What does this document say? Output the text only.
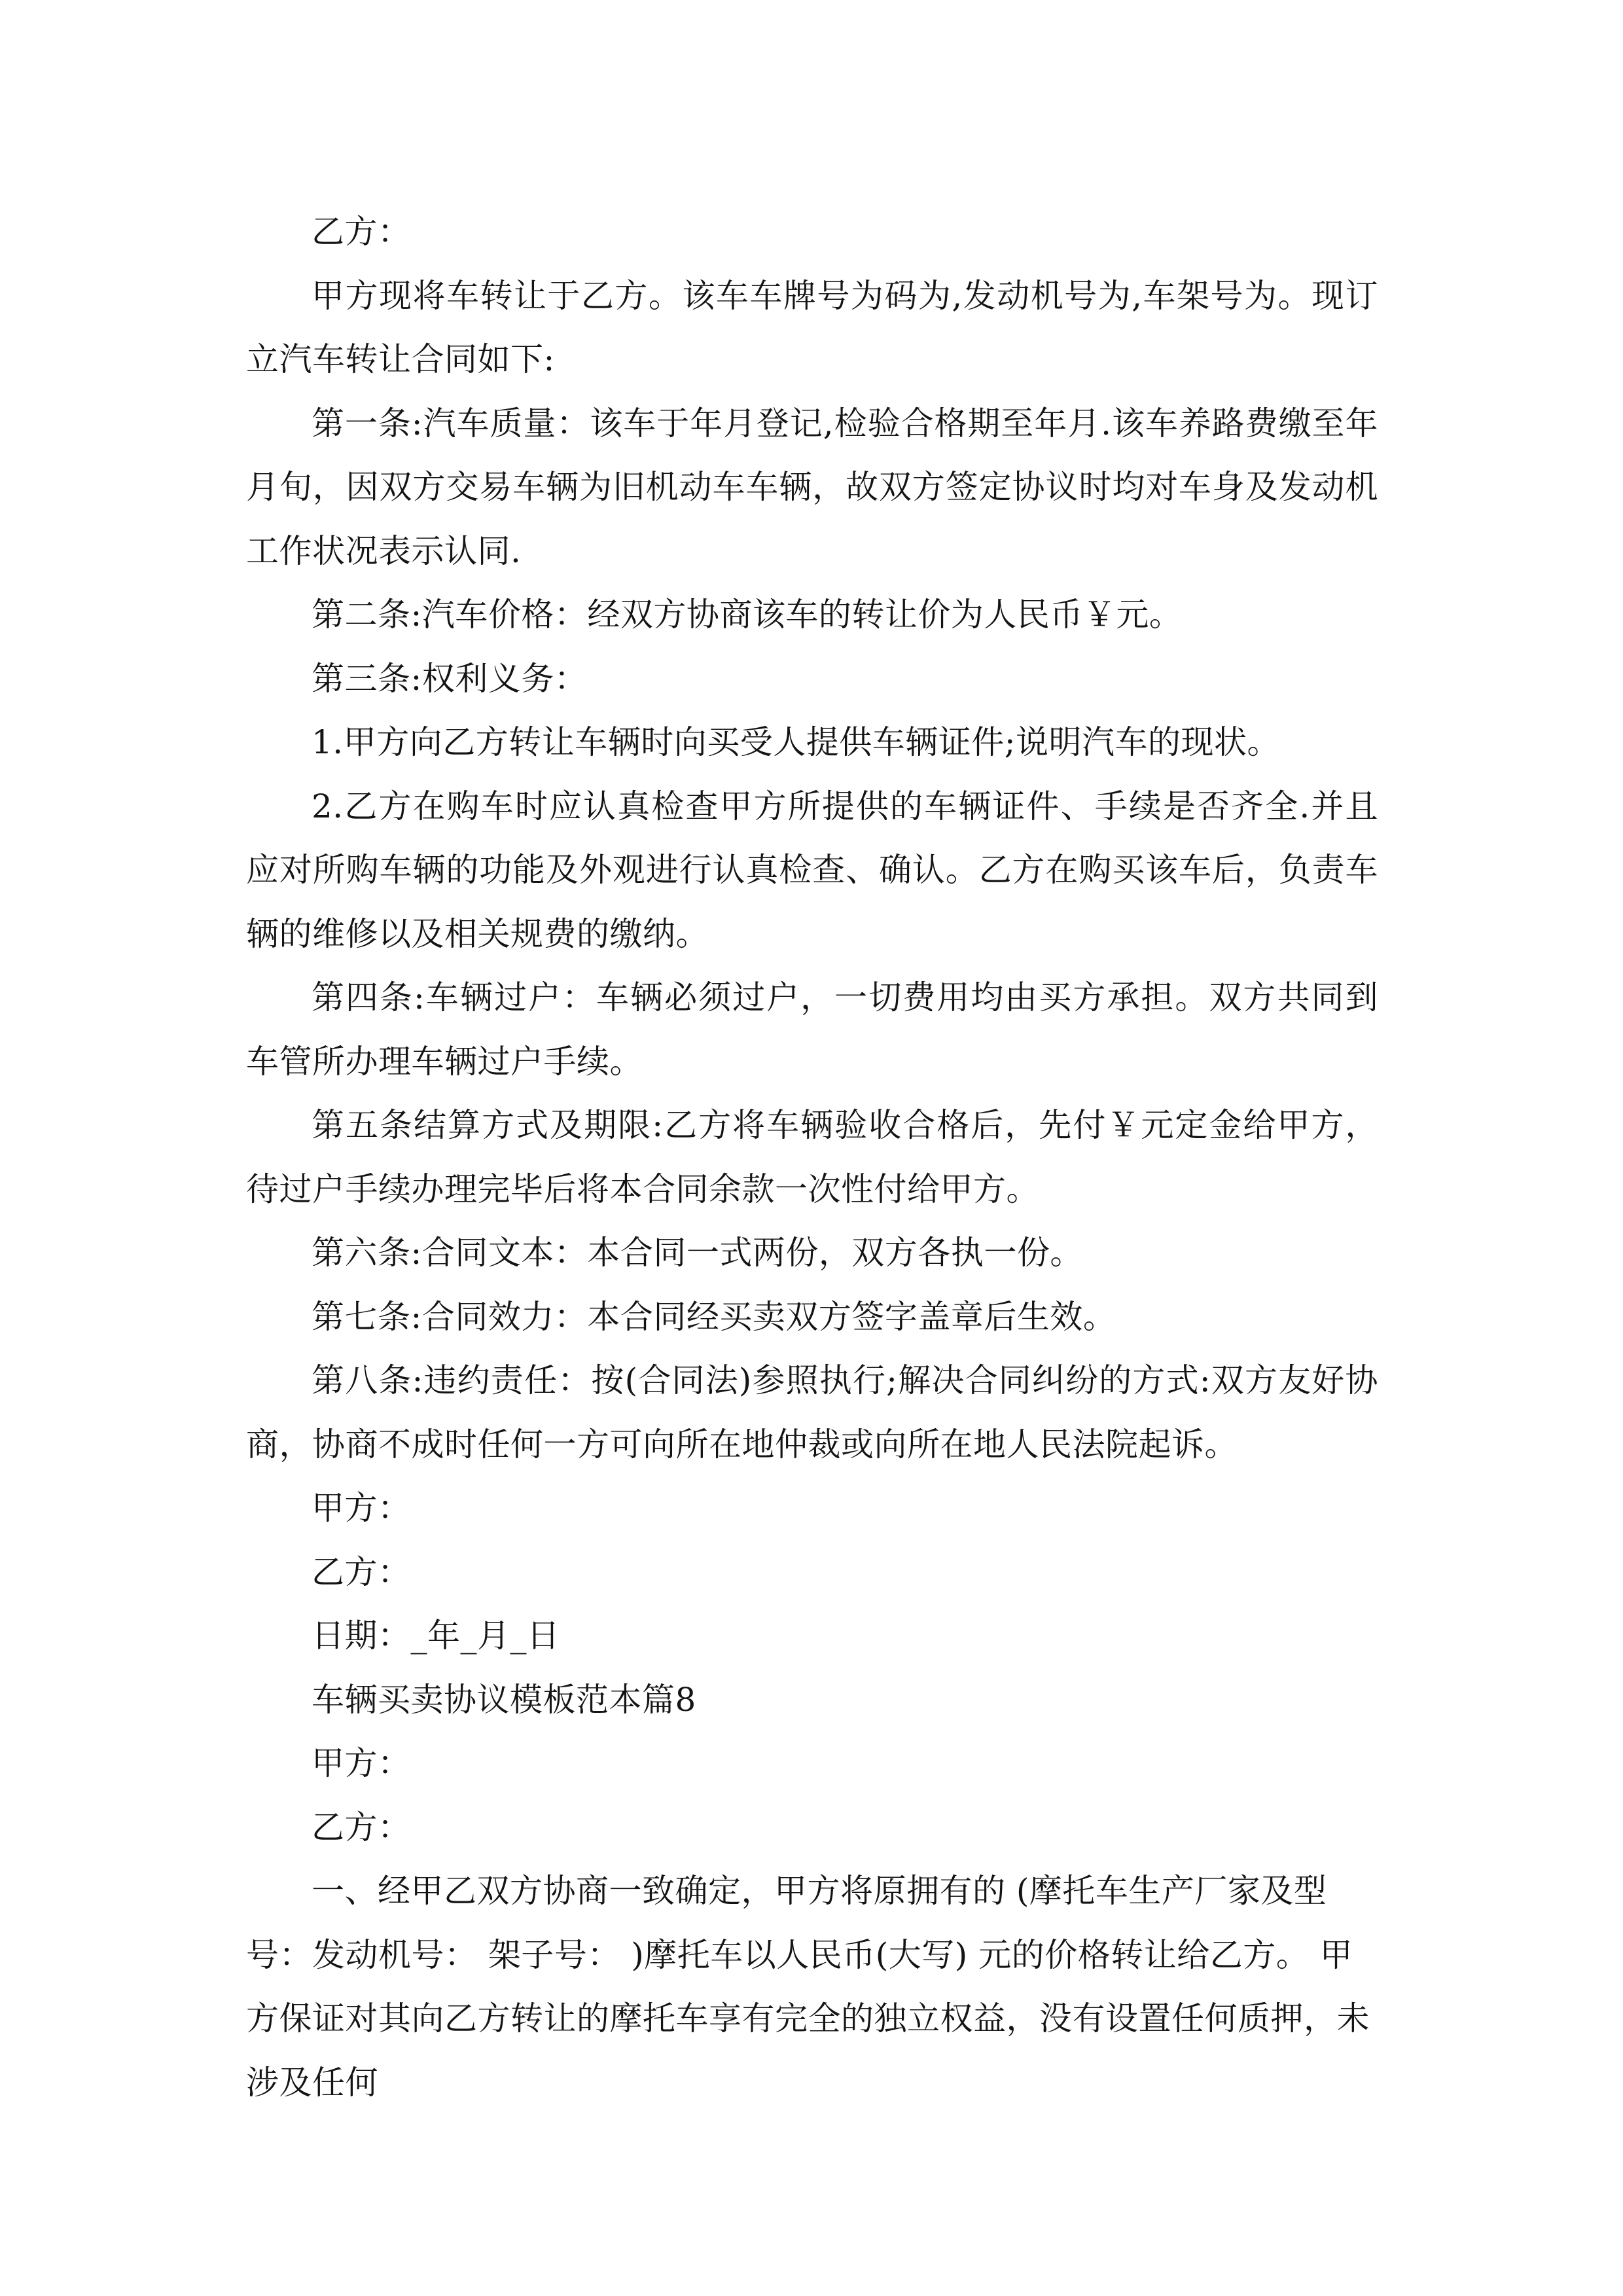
乙方：

甲方现将车转让于乙方。该车车牌号为码为,发动机号为,车架号为。现订立汽车转让合同如下:

第一条:汽车质量：该车于年月登记,检验合格期至年月.该车养路费缴至年月旬，因双方交易车辆为旧机动车车辆，故双方签定协议时均对车身及发动机工作状况表示认同.

第二条:汽车价格：经双方协商该车的转让价为人民币￥元。

第三条:权利义务：

1.甲方向乙方转让车辆时向买受人提供车辆证件;说明汽车的现状。

2.乙方在购车时应认真检查甲方所提供的车辆证件、手续是否齐全.并且应对所购车辆的功能及外观进行认真检查、确认。乙方在购买该车后，负责车辆的维修以及相关规费的缴纳。

第四条:车辆过户：车辆必须过户，一切费用均由买方承担。双方共同到车管所办理车辆过户手续。

第五条结算方式及期限:乙方将车辆验收合格后，先付￥元定金给甲方，待过户手续办理完毕后将本合同余款一次性付给甲方。

第六条:合同文本：本合同一式两份，双方各执一份。

第七条:合同效力：本合同经买卖双方签字盖章后生效。

第八条:违约责任：按(合同法)参照执行;解决合同纠纷的方式:双方友好协商，协商不成时任何一方可向所在地仲裁或向所在地人民法院起诉。

甲方：

乙方：

日期：_年_月_日

车辆买卖协议模板范本篇8

甲方：

乙方：

一、经甲乙双方协商一致确定，甲方将原拥有的 (摩托车生产厂家及型号：发动机号： 架子号： )摩托车以人民币(大写) 元的价格转让给乙方。 甲方保证对其向乙方转让的摩托车享有完全的独立权益，没有设置任何质押，未涉及任何
